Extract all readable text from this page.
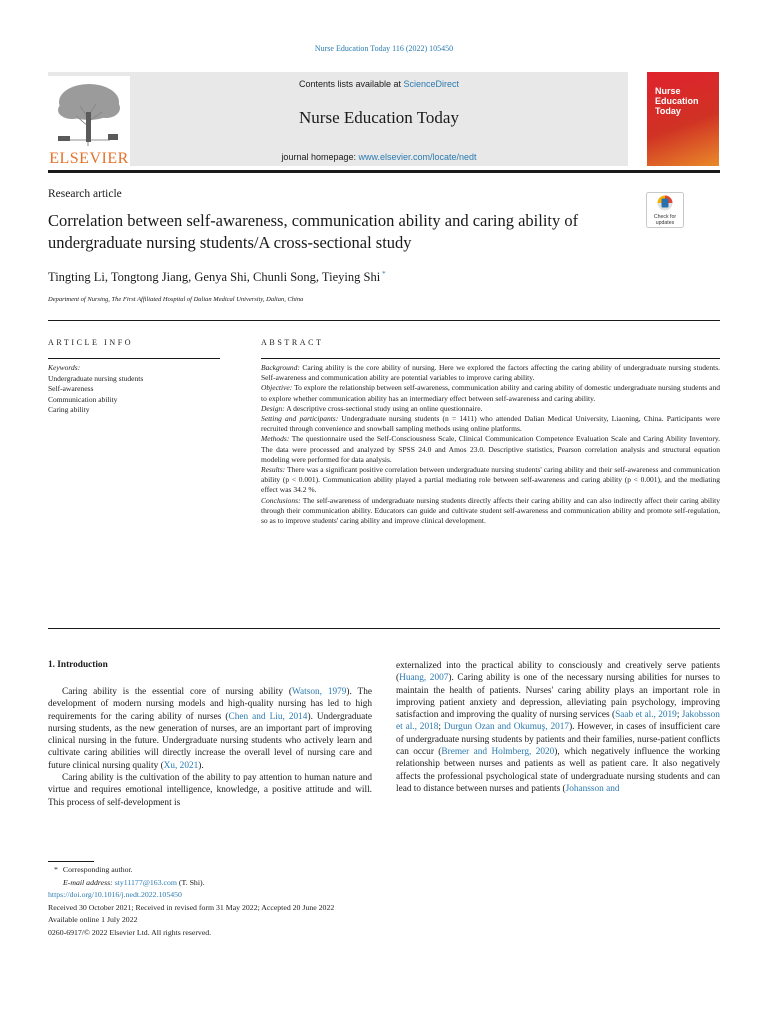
Nurse Education Today 116 (2022) 105450
ELSEVIER
Contents lists available at ScienceDirect
Nurse Education Today
journal homepage: www.elsevier.com/locate/nedt
Nurse Education Today
Research article
Correlation between self-awareness, communication ability and caring ability of undergraduate nursing students/A cross-sectional study
Check for
updates
Tingting Li, Tongtong Jiang, Genya Shi, Chunli Song, Tieying Shi *
Department of Nursing, The First Affiliated Hospital of Dalian Medical University, Dalian, China
ARTICLE INFO
Keywords:
Undergraduate nursing students
Self-awareness
Communication ability
Caring ability
ABSTRACT

Background: Caring ability is the core ability of nursing. Here we explored the factors affecting the caring ability of undergraduate nursing students. Self-awareness and communication ability are potential variables to improve caring ability.

Objective: To explore the relationship between self-awareness, communication ability and caring ability of domestic undergraduate nursing students and to explore whether communication ability has an intermediary effect between self-awareness and caring ability.

Design: A descriptive cross-sectional study using an online questionnaire.

Setting and participants: Undergraduate nursing students (n = 1411) who attended Dalian Medical University, Liaoning, China. Participants were recruited through convenience and snowball sampling methods using online platforms.

Methods: The questionnaire used the Self-Consciousness Scale, Clinical Communication Competence Evaluation Scale and Caring Ability Inventory. The data were processed and analyzed by SPSS 24.0 and Amos 23.0. Descriptive statistics, Pearson correlation analysis and structural equation modeling were performed for data analysis.

Results: There was a significant positive correlation between undergraduate nursing students' caring ability and their self-awareness and communication ability (p < 0.001). Communication ability played a partial mediating role between self-awareness and caring ability (p < 0.001), and the mediating effect was 34.2 %.

Conclusions: The self-awareness of undergraduate nursing students directly affects their caring ability and can also indirectly affect their caring ability through their communication ability. Educators can guide and cultivate student self-awareness and communication ability and promote self-regulation, so as to improve students' caring ability and improve clinical development.

1. Introduction

Caring ability is the essential core of nursing ability (Watson, 1979). The development of modern nursing models and high-quality nursing has led to high requirements for the caring ability of nurses (Chen and Liu, 2014). Undergraduate nursing students, as the new generation of nurses, are an important part of improving clinical nursing in the future. Undergraduate nursing students who actively learn and cultivate caring abilities will directly increase the overall level of nursing care and future clinical nursing quality (Xu, 2021).

Caring ability is the cultivation of the ability to pay attention to human nature and virtue and requires emotional intelligence, knowledge, a positive attitude and will. This process of self-development is

externalized into the practical ability to consciously and creatively serve patients (Huang, 2007). Caring ability is one of the necessary nursing abilities for nurses to maintain the health of patients. Nurses' caring ability plays an important role in improving patient anxiety and depression, alleviating pain psychology, improving satisfaction and improving the quality of nursing services (Saab et al., 2019; Jakobsson et al., 2018; Durgun Ozan and Okumuş, 2017). However, in cases of insufficient care of undergraduate nursing students by patients and their families, nurse-patient conflicts can occur (Bremer and Holmberg, 2020), which negatively influence the working relationship between nurses and patients as well as patient care. It also negatively affects the professional psychological state of undergraduate nursing students and can lead to distance between nurses and patients (Johansson and

* Corresponding author.
E-mail address: sty11177@163.com (T. Shi).
https://doi.org/10.1016/j.nedt.2022.105450
Received 30 October 2021; Received in revised form 31 May 2022; Accepted 20 June 2022
Available online 1 July 2022
0260-6917/© 2022 Elsevier Ltd. All rights reserved.
